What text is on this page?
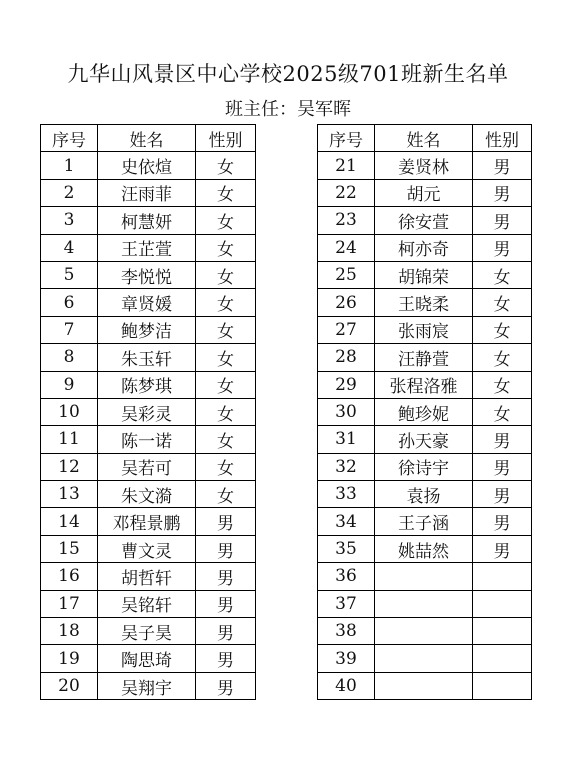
九华山风景区中心学校2025级701班新生名单
班主任：吴军晖
序号	姓名	性别
1	史依煊	女
2	汪雨菲	女
3	柯慧妍	女
4	王芷萱	女
5	李悦悦	女
6	章贤媛	女
7	鲍梦洁	女
8	朱玉轩	女
9	陈梦琪	女
10	吴彩灵	女
11	陈一诺	女
12	吴若可	女
13	朱文漪	女
14	邓程景鹏	男
15	曹文灵	男
16	胡哲轩	男
17	吴铭轩	男
18	吴子昊	男
19	陶思琦	男
20	吴翔宇	男
序号	姓名	性别
21	姜贤林	男
22	胡元	男
23	徐安萱	男
24	柯亦奇	男
25	胡锦荣	女
26	王晓柔	女
27	张雨宸	女
28	汪静萱	女
29	张程洛雅	女
30	鲍珍妮	女
31	孙天豪	男
32	徐诗宇	男
33	袁扬	男
34	王子涵	男
35	姚喆然	男
36		
37		
38		
39		
40		
